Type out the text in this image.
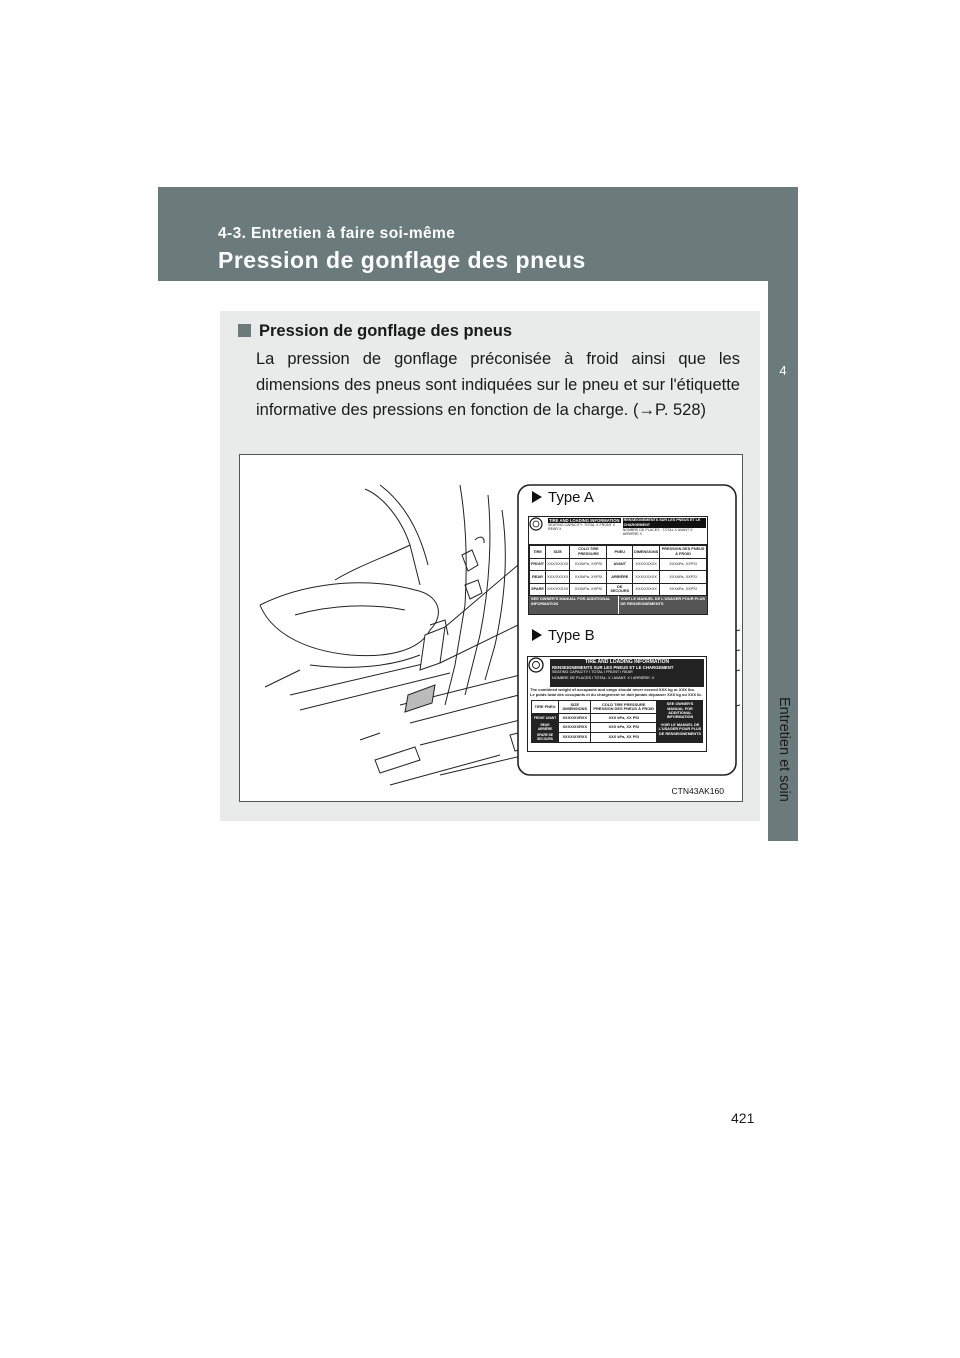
4-3. Entretien à faire soi-même
Pression de gonflage des pneus
4
Entretien et soin
Pression de gonflage des pneus
La pression de gonflage préconisée à froid ainsi que les dimensions des pneus sont indiquées sur le pneu et sur l'étiquette informative des pressions en fonction de la charge. (→P. 528)
Type A
TIRE AND LOADING INFORMATION
SEATING CAPACITY: TOTAL X FRONT X REAR X
RENSEIGNEMENTS SUR LES PNEUS ET LE CHARGEMENT
NOMBRE DE PLACES : TOTAL X AVANT X ARRIÈRE X
TIRE	SIZE	COLD TIRE PRESSURE	PNEU	DIMENSIONS	PRESSION DES PNEUS À FROID
FRONT	XXX/XXXXX	XXXkPa, XXPSI	AVANT	XXX/XXXXX	XXXkPa, XXPSI
REAR	XXX/XXXXX	XXXkPa, XXPSI	ARRIÈRE	XXX/XXXXX	XXXkPa, XXPSI
SPARE	XXX/XXXXX	XXXkPa, XXPSI	DE SECOURS	XXX/XXXXX	XXXkPa, XXPSI
SEE OWNER'S MANUAL FOR ADDITIONAL INFORMATION
VOIR LE MANUEL DE L'USAGER POUR PLUS DE RENSEIGNEMENTS
Type B
TIRE AND LOADING INFORMATION
RENSEIGNEMENTS SUR LES PNEUS ET LE CHARGEMENT
SEATING CAPACITY I TOTAL I FRONT I REAR
NOMBRE DE PLACES I TOTAL: X I AVANT: X I ARRIÈRE: X
The combined weight of occupants and cargo should never exceed XXX kg or XXX lbs.
Le poids total des occupants et du chargement ne doit jamais dépasser XXX kg ou XXX lb.
TIRE PNEU	SIZE DIMENSIONS	COLD TIRE PRESSURE PRESSION DES PNEUS À FROID
FRONT AVANT	XXXX/XXRXX	XXX kPa, XX PSI
REAR ARRIÈRE	XXXX/XXRXX	XXX kPa, XX PSI
SPARE DE SECOURS	XXXX/XXRXX	XXX kPa, XX PSI
SEE OWNER'S MANUAL FOR ADDITIONAL INFORMATION
VOIR LE MANUEL DE L'USAGER POUR PLUS DE RENSEIGNEMENTS
CTN43AK160
421
